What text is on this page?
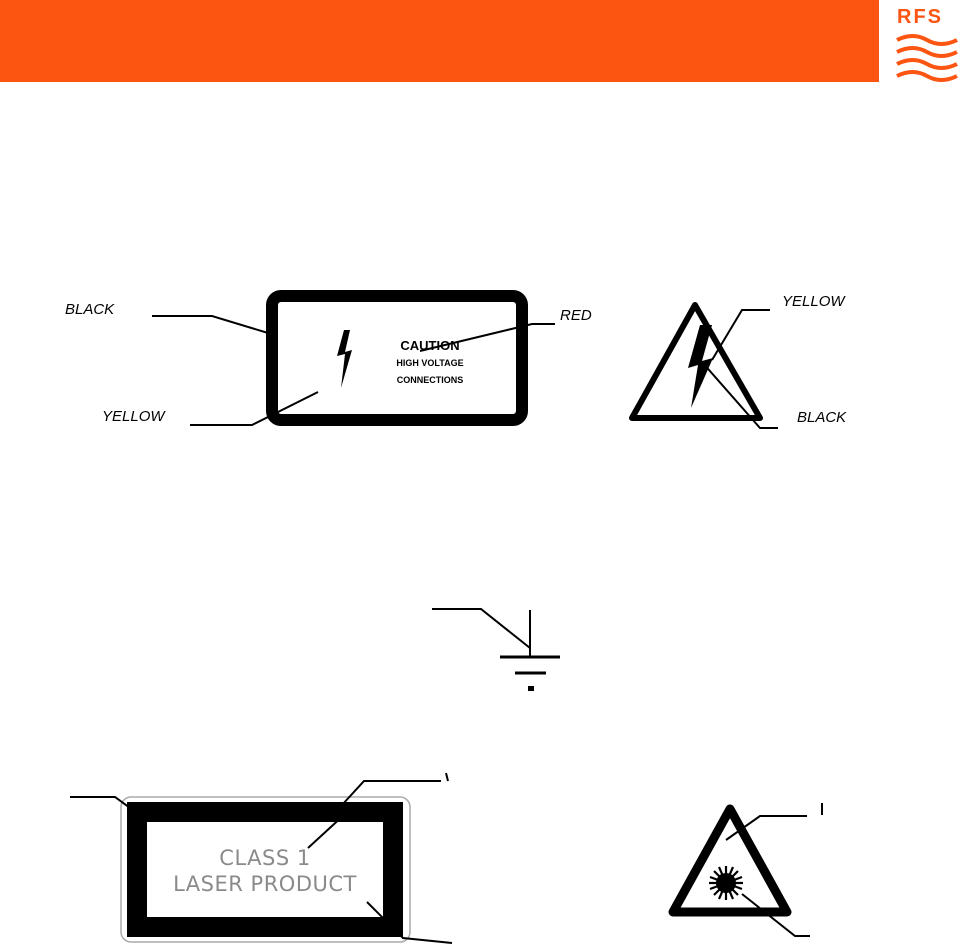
RFS
BLACK
YELLOW
RED
CAUTION
HIGH VOLTAGE
CONNECTIONS
YELLOW
BLACK
CLASS 1
LASER PRODUCT
